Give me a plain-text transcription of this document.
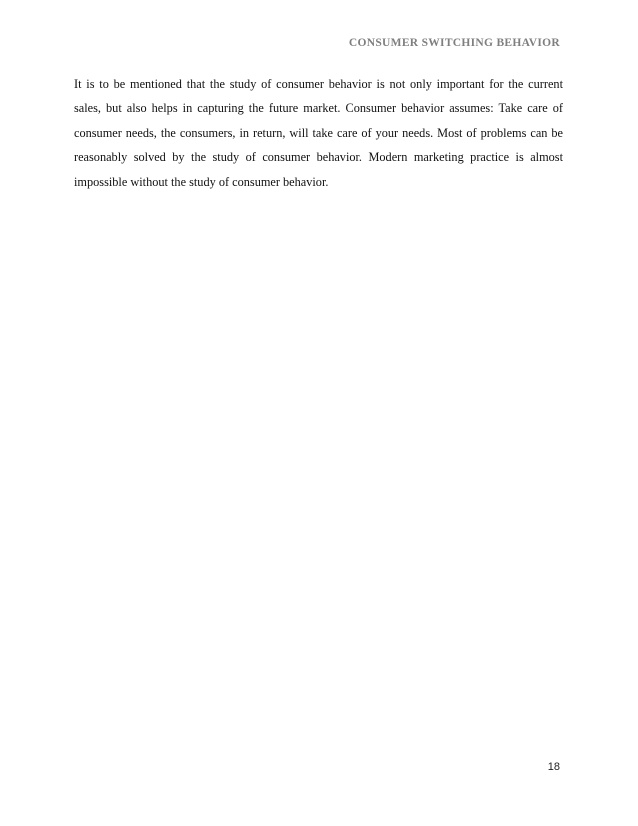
CONSUMER SWITCHING BEHAVIOR

It is to be mentioned that the study of consumer behavior is not only important for the current sales, but also helps in capturing the future market. Consumer behavior assumes: Take care of consumer needs, the consumers, in return, will take care of your needs. Most of problems can be reasonably solved by the study of consumer behavior. Modern marketing practice is almost impossible without the study of consumer behavior.

18
